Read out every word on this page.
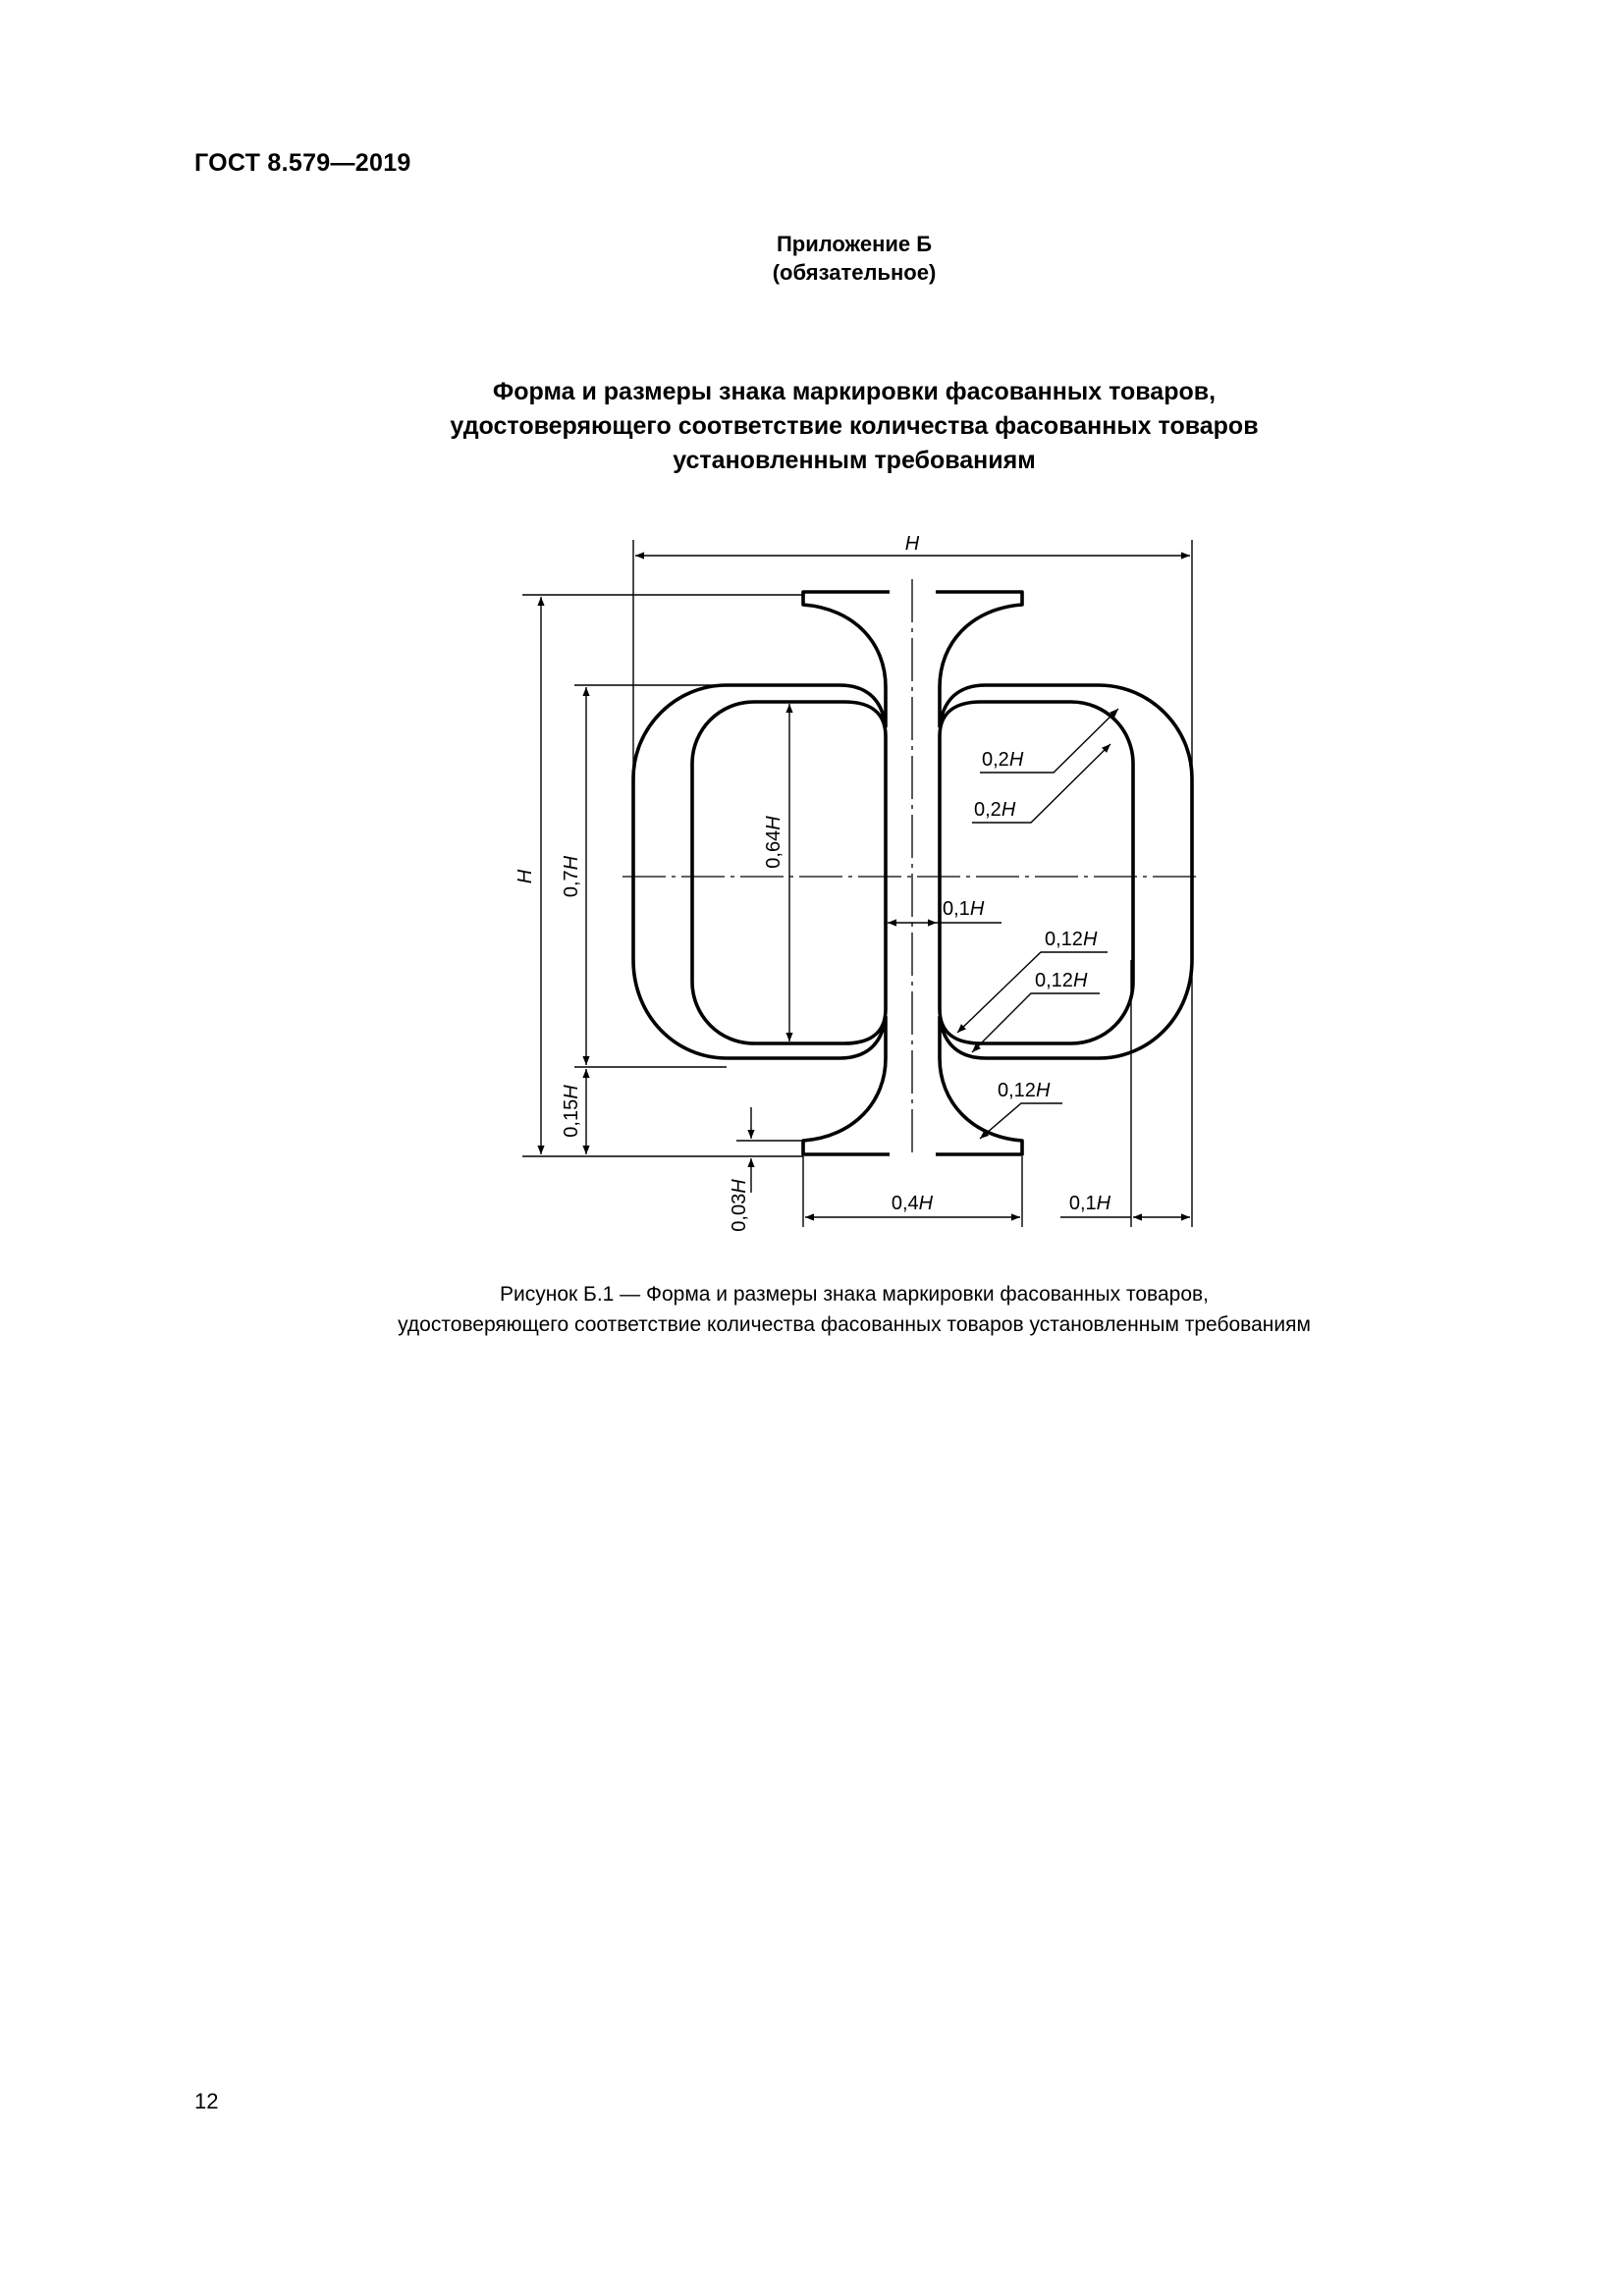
ГОСТ 8.579—2019
Приложение Б
(обязательное)
Форма и размеры знака маркировки фасованных товаров,
удостоверяющего соответствие количества фасованных товаров
установленным требованиям
H
H 0,7H
0,15H
0,64H
0,03H
0,4H	0,1H
0,1H
0,2H
0,2H
0,12H
0,12H
0,12H
Рисунок Б.1 — Форма и размеры знака маркировки фасованных товаров,
удостоверяющего соответствие количества фасованных товаров установленным требованиям
12
